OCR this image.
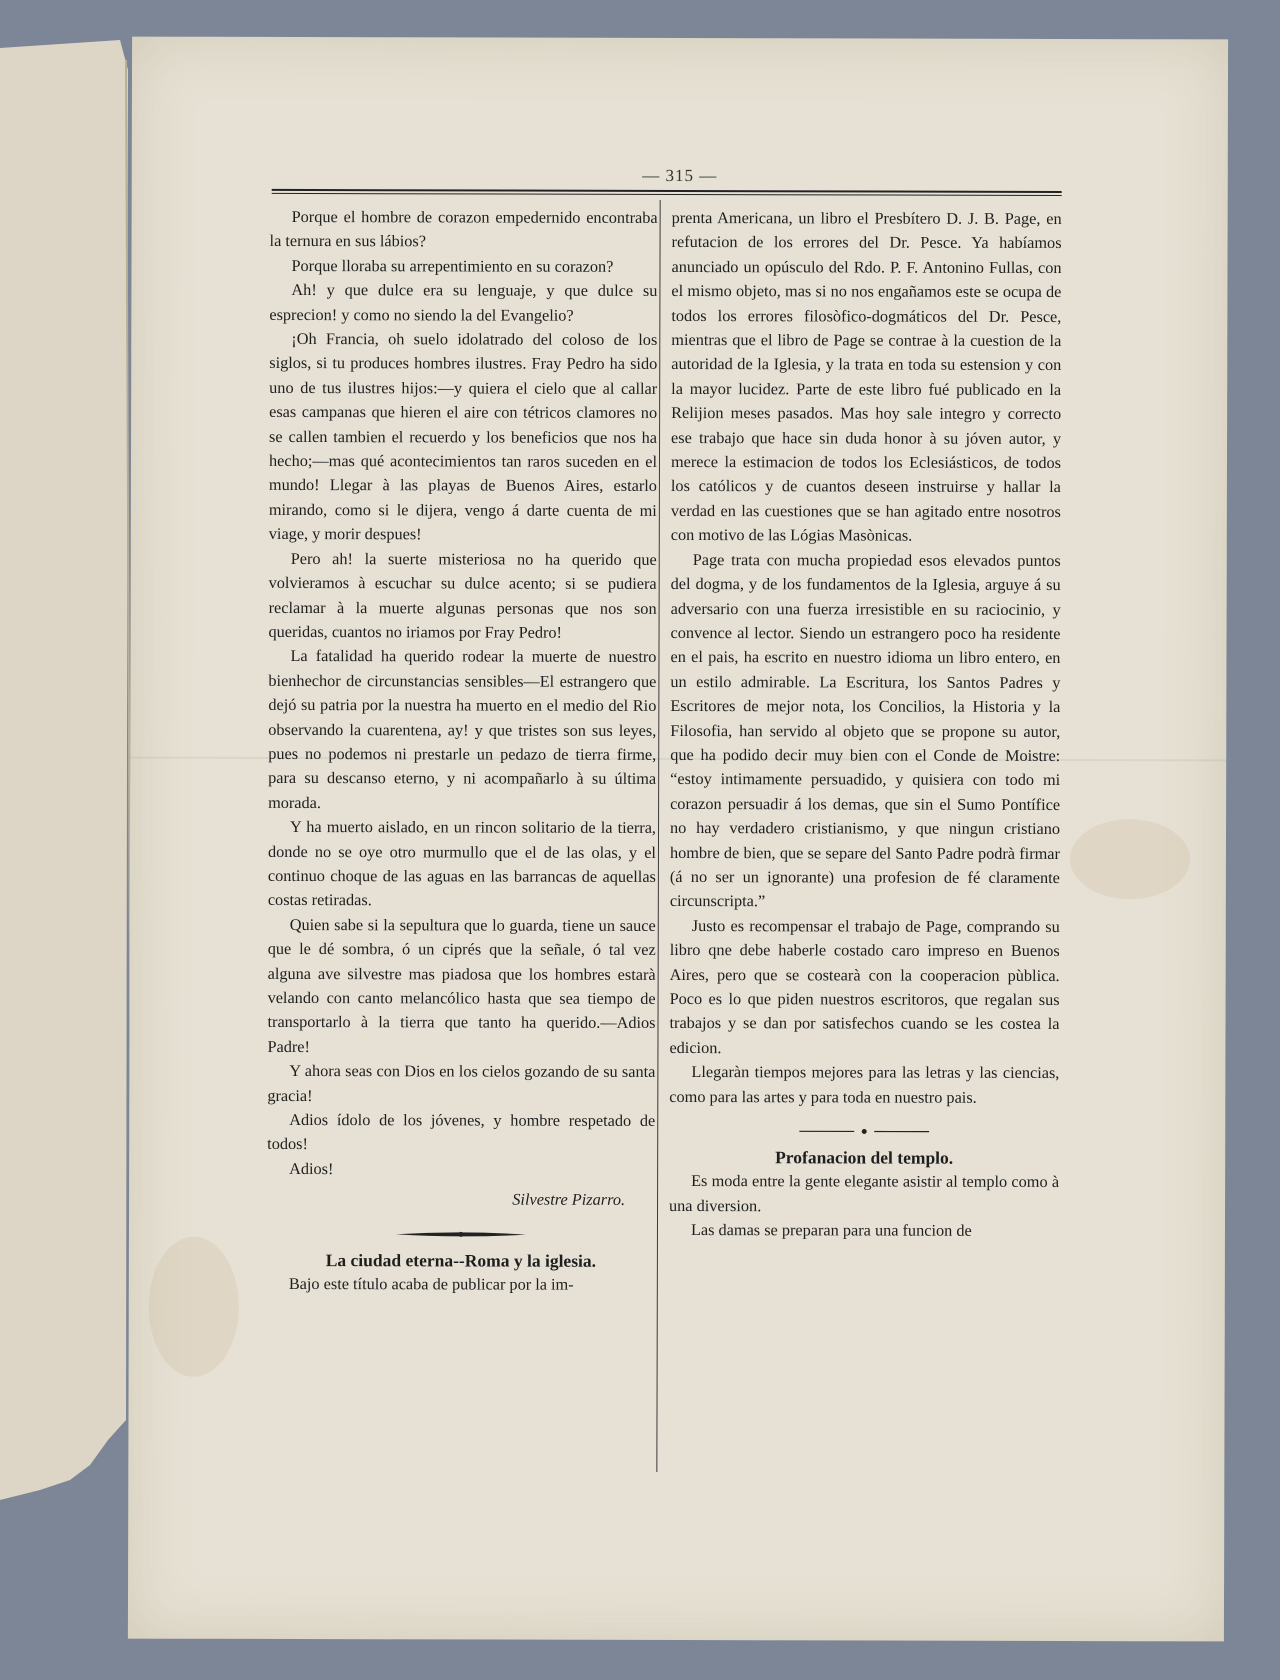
— 315 —

Porque el hombre de corazon empedernido encontraba la ternura en sus lábios?

Porque lloraba su arrepentimiento en su corazon?

Ah! y que dulce era su lenguaje, y que dulce su esprecion! y como no siendo la del Evangelio?

¡Oh Francia, oh suelo idolatrado del coloso de los siglos, si tu produces hombres ilustres. Fray Pedro ha sido uno de tus ilustres hijos:—y quiera el cielo que al callar esas campanas que hieren el aire con tétricos clamores no se callen tambien el recuerdo y los beneficios que nos ha hecho;—mas qué acontecimientos tan raros suceden en el mundo! Llegar à las playas de Buenos Aires, estarlo mirando, como si le dijera, vengo á darte cuenta de mi viage, y morir despues!

Pero ah! la suerte misteriosa no ha querido que volvieramos à escuchar su dulce acento; si se pudiera reclamar à la muerte algunas personas que nos son queridas, cuantos no iriamos por Fray Pedro!

La fatalidad ha querido rodear la muerte de nuestro bienhechor de circunstancias sensibles—El estrangero que dejó su patria por la nuestra ha muerto en el medio del Rio observando la cuarentena, ay! y que tristes son sus leyes, pues no podemos ni prestarle un pedazo de tierra firme, para su descanso eterno, y ni acompañarlo à su última morada.

Y ha muerto aislado, en un rincon solitario de la tierra, donde no se oye otro murmullo que el de las olas, y el continuo choque de las aguas en las barrancas de aquellas costas retiradas.

Quien sabe si la sepultura que lo guarda, tiene un sauce que le dé sombra, ó un ciprés que la señale, ó tal vez alguna ave silvestre mas piadosa que los hombres estarà velando con canto melancólico hasta que sea tiempo de transportarlo à la tierra que tanto ha querido.—Adios Padre!

Y ahora seas con Dios en los cielos gozando de su santa gracia!

Adios ídolo de los jóvenes, y hombre respetado de todos!

Adios!

Silvestre Pizarro.

La ciudad eterna--Roma y la iglesia.

Bajo este título acaba de publicar por la im-

prenta Americana, un libro el Presbítero D. J. B. Page, en refutacion de los errores del Dr. Pesce. Ya habíamos anunciado un opúsculo del Rdo. P. F. Antonino Fullas, con el mismo objeto, mas si no nos engañamos este se ocupa de todos los errores filosòfico-dogmáticos del Dr. Pesce, mientras que el libro de Page se contrae à la cuestion de la autoridad de la Iglesia, y la trata en toda su estension y con la mayor lucidez. Parte de este libro fué publicado en la Relijion meses pasados. Mas hoy sale integro y correcto ese trabajo que hace sin duda honor à su jóven autor, y merece la estimacion de todos los Eclesiásticos, de todos los católicos y de cuantos deseen instruirse y hallar la verdad en las cuestiones que se han agitado entre nosotros con motivo de las Lógias Masònicas.

Page trata con mucha propiedad esos elevados puntos del dogma, y de los fundamentos de la Iglesia, arguye á su adversario con una fuerza irresistible en su raciocinio, y convence al lector. Siendo un estrangero poco ha residente en el pais, ha escrito en nuestro idioma un libro entero, en un estilo admirable. La Escritura, los Santos Padres y Escritores de mejor nota, los Concilios, la Historia y la Filosofia, han servido al objeto que se propone su autor, que ha podido decir muy bien con el Conde de Moistre: “estoy intimamente persuadido, y quisiera con todo mi corazon persuadir á los demas, que sin el Sumo Pontífice no hay verdadero cristianismo, y que ningun cristiano hombre de bien, que se separe del Santo Padre podrà firmar (á no ser un ignorante) una profesion de fé claramente circunscripta.”

Justo es recompensar el trabajo de Page, comprando su libro qne debe haberle costado caro impreso en Buenos Aires, pero que se costearà con la cooperacion pùblica. Poco es lo que piden nuestros escritoros, que regalan sus trabajos y se dan por satisfechos cuando se les costea la edicion.

Llegaràn tiempos mejores para las letras y las ciencias, como para las artes y para toda en nuestro pais.

Profanacion del templo.

Es moda entre la gente elegante asistir al templo como à una diversion.

Las damas se preparan para una funcion de
